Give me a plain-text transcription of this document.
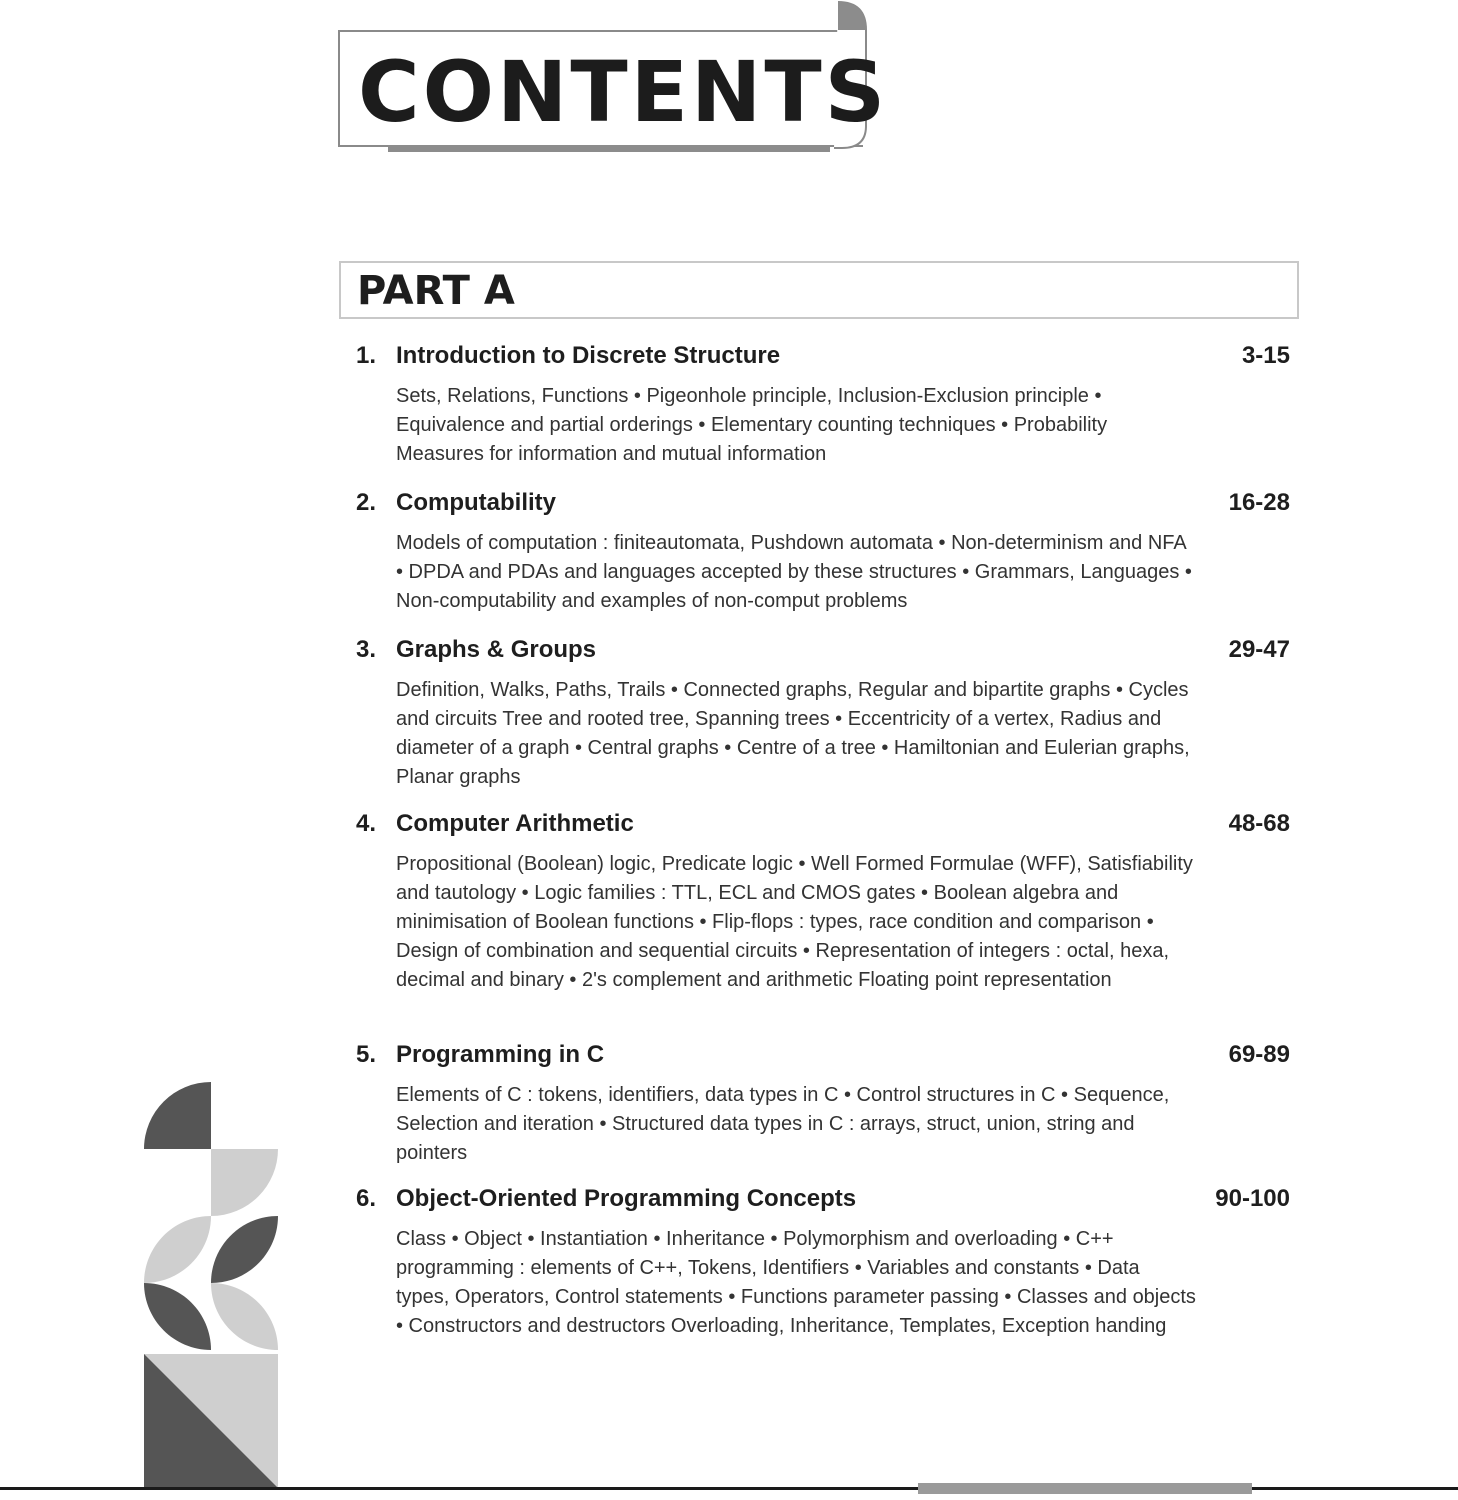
CONTENTS
PART A
1. Introduction to Discrete Structure	3-15
Sets, Relations, Functions • Pigeonhole principle, Inclusion-Exclusion principle • Equivalence and partial orderings • Elementary counting techniques • Probability Measures for information and mutual information
2. Computability	16-28
Models of computation : finiteautomata, Pushdown automata • Non-determinism and NFA • DPDA and PDAs and languages accepted by these structures • Grammars, Languages • Non-computability and examples of non-comput problems
3. Graphs & Groups	29-47
Definition, Walks, Paths, Trails • Connected graphs, Regular and bipartite graphs • Cycles and circuits Tree and rooted tree, Spanning trees • Eccentricity of a vertex, Radius and diameter of a graph • Central graphs • Centre of a tree • Hamiltonian and Eulerian graphs, Planar graphs
4. Computer Arithmetic	48-68
Propositional (Boolean) logic, Predicate logic • Well Formed Formulae (WFF), Satisfiability and tautology • Logic families : TTL, ECL and CMOS gates • Boolean algebra and minimisation of Boolean functions • Flip-flops : types, race condition and comparison • Design of combination and sequential circuits • Representation of integers : octal, hexa, decimal and binary • 2's complement and arithmetic Floating point representation
5. Programming in C	69-89
Elements of C : tokens, identifiers, data types in C • Control structures in C • Sequence, Selection and iteration • Structured data types in C : arrays, struct, union, string and pointers
6. Object-Oriented Programming Concepts	90-100
Class • Object • Instantiation • Inheritance • Polymorphism and overloading • C++ programming : elements of C++, Tokens, Identifiers • Variables and constants • Data types, Operators, Control statements • Functions parameter passing • Classes and objects • Constructors and destructors Overloading, Inheritance, Templates, Exception handing
